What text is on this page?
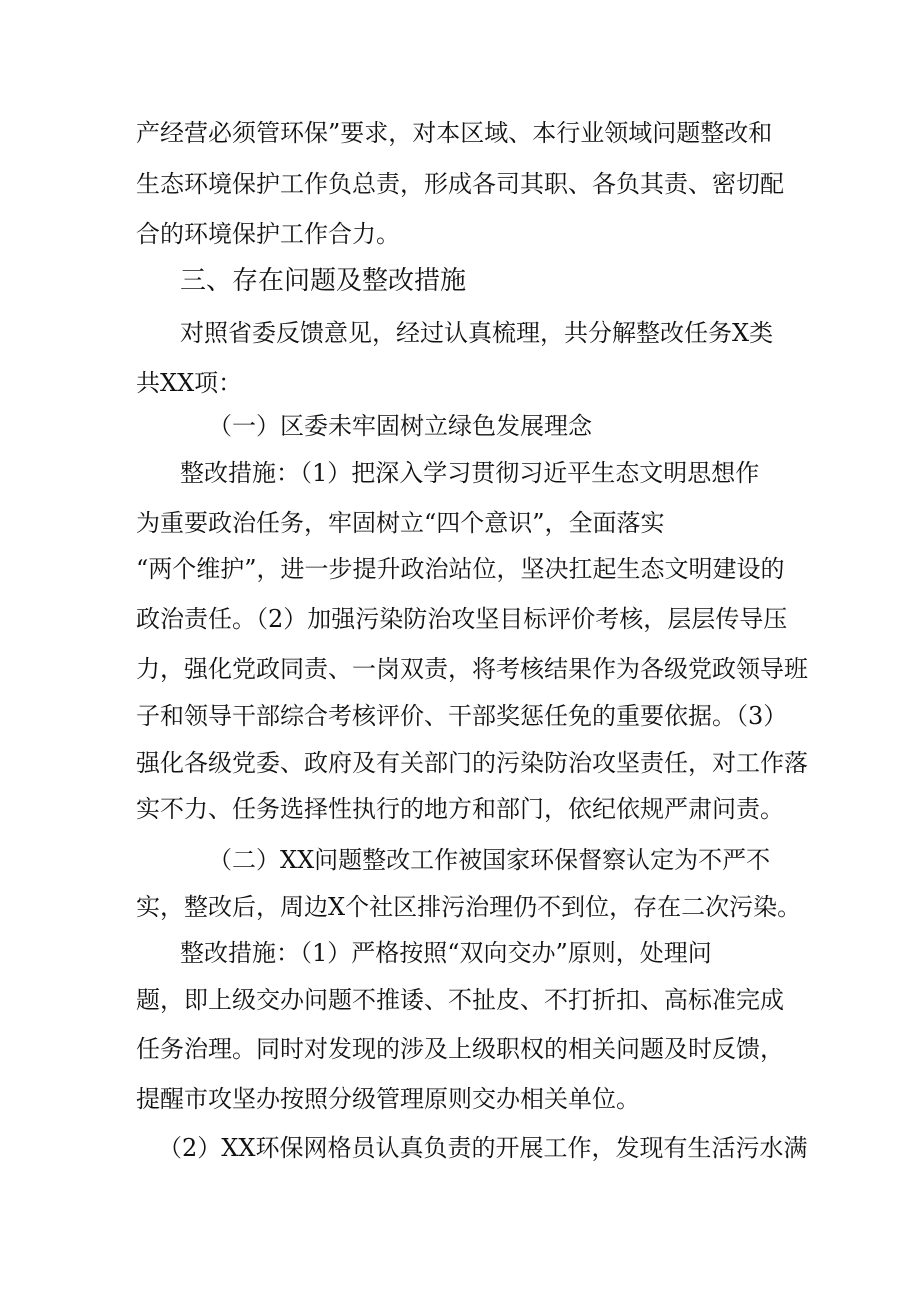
产经营必须管环保”要求，对本区域、本行业领域问题整改和
生态环境保护工作负总责，形成各司其职、各负其责、密切配
合的环境保护工作合力。
三、存在问题及整改措施
对照省委反馈意见，经过认真梳理，共分解整改任务X类
共XX项：
（一）区委未牢固树立绿色发展理念
整改措施：（1）把深入学习贯彻习近平生态文明思想作
为重要政治任务，牢固树立“四个意识”，全面落实
“两个维护”，进一步提升政治站位，坚决扛起生态文明建设的
政治责任。（2）加强污染防治攻坚目标评价考核，层层传导压
力，强化党政同责、一岗双责，将考核结果作为各级党政领导班
子和领导干部综合考核评价、干部奖惩任免的重要依据。（3）
强化各级党委、政府及有关部门的污染防治攻坚责任，对工作落
实不力、任务选择性执行的地方和部门，依纪依规严肃问责。
（二）XX问题整改工作被国家环保督察认定为不严不
实，整改后，周边X个社区排污治理仍不到位，存在二次污染。
整改措施：（1）严格按照“双向交办”原则，处理问
题，即上级交办问题不推诿、不扯皮、不打折扣、高标准完成
任务治理。同时对发现的涉及上级职权的相关问题及时反馈，
提醒市攻坚办按照分级管理原则交办相关单位。
（2）XX环保网格员认真负责的开展工作，发现有生活污水满
